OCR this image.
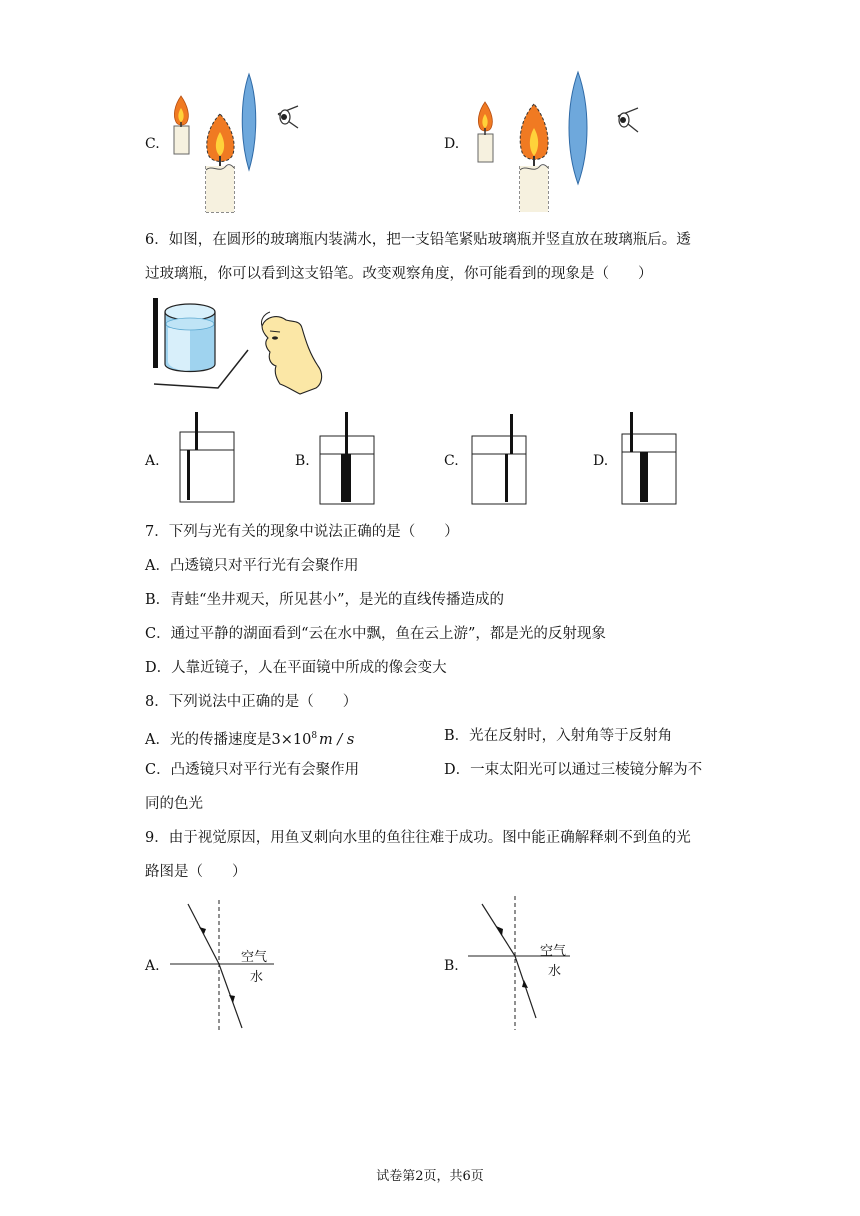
C.	D.
6．如图，在圆形的玻璃瓶内装满水，把一支铅笔紧贴玻璃瓶并竖直放在玻璃瓶后。透
过玻璃瓶，你可以看到这支铅笔。改变观察角度，你可能看到的现象是（　　）
A.	B.	C.	D.
7．下列与光有关的现象中说法正确的是（　　）
A．凸透镜只对平行光有会聚作用
B．青蛙“坐井观天，所见甚小”，是光的直线传播造成的
C．通过平静的湖面看到“云在水中飘，鱼在云上游”，都是光的反射现象
D．人靠近镜子，人在平面镜中所成的像会变大
8．下列说法中正确的是（　　）
A．光的传播速度是$3\times 10^8$ m / s	B．光在反射时，入射角等于反射角
C．凸透镜只对平行光有会聚作用	D．一束太阳光可以通过三棱镜分解为不
同的色光
9．由于视觉原因，用鱼叉刺向水里的鱼往往难于成功。图中能正确解释刺不到鱼的光
路图是（　　）
A.
空气
水
B.
空气
水
试卷第2页，共6页
